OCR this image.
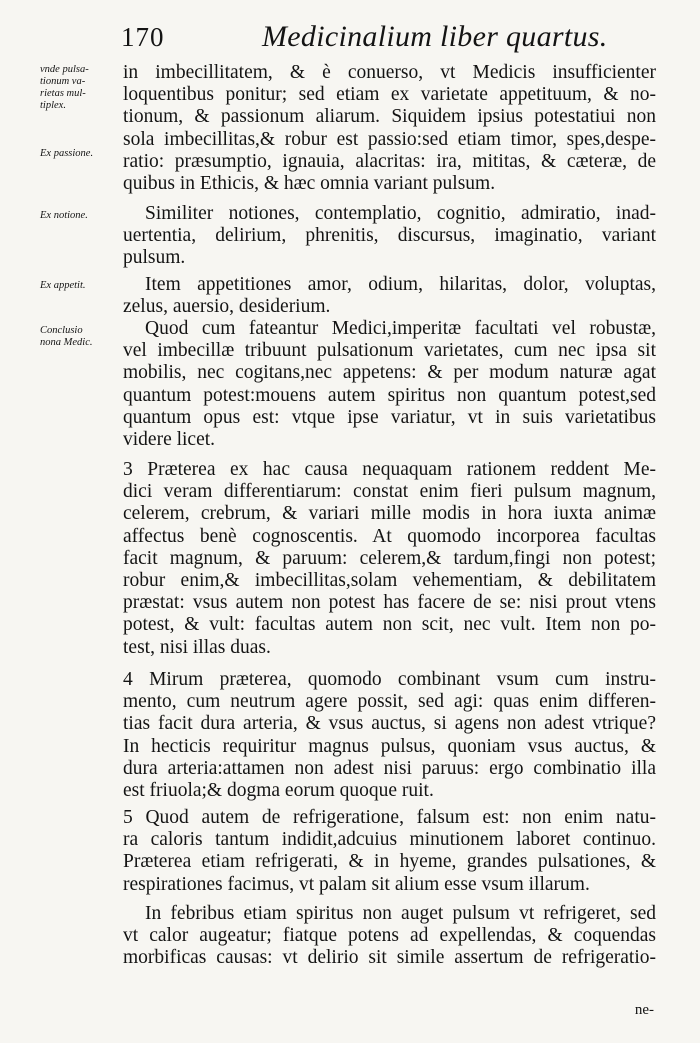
170	Medicinalium liber quartus.
vnde pulsa-
tionum va-
rietas mul-
tiplex.
Ex passione.
Ex notione.
Ex appetit.
Conclusio
nona Medic.
in imbecillitatem, & è conuerso, vt Medicis insufficienter
loquentibus ponitur; sed etiam ex varietate appetituum, & no-
tionum, & passionum aliarum. Siquidem ipsius potestatiui non
sola imbecillitas,& robur est passio:sed etiam timor, spes,despe-
ratio: præsumptio, ignauia, alacritas: ira, mititas, & cæteræ, de
quibus in Ethicis, & hæc omnia variant pulsum.
Similiter notiones, contemplatio, cognitio, admiratio, inad-
uertentia, delirium, phrenitis, discursus, imaginatio, variant
pulsum.
Item appetitiones amor, odium, hilaritas, dolor, voluptas,
zelus, auersio, desiderium.
Quod cum fateantur Medici,imperitæ facultati vel robustæ,
vel imbecillæ tribuunt pulsationum varietates, cum nec ipsa sit
mobilis, nec cogitans,nec appetens: & per modum naturæ agat
quantum potest:mouens autem spiritus non quantum potest,sed
quantum opus est: vtque ipse variatur, vt in suis varietatibus
videre licet.
3 Præterea ex hac causa nequaquam rationem reddent Me-
dici veram differentiarum: constat enim fieri pulsum magnum,
celerem, crebrum, & variari mille modis in hora iuxta animæ
affectus benè cognoscentis. At quomodo incorporea facultas
facit magnum, & paruum: celerem,& tardum,fingi non potest;
robur enim,& imbecillitas,solam vehementiam, & debilitatem
præstat: vsus autem non potest has facere de se: nisi prout vtens
potest, & vult: facultas autem non scit, nec vult. Item non po-
test, nisi illas duas.
4 Mirum præterea, quomodo combinant vsum cum instru-
mento, cum neutrum agere possit, sed agi: quas enim differen-
tias facit dura arteria, & vsus auctus, si agens non adest vtrique?
In hecticis requiritur magnus pulsus, quoniam vsus auctus, &
dura arteria:attamen non adest nisi paruus: ergo combinatio illa
est friuola;& dogma eorum quoque ruit.
5 Quod autem de refrigeratione, falsum est: non enim natu-
ra caloris tantum indidit,adcuius minutionem laboret continuo.
Præterea etiam refrigerati, & in hyeme, grandes pulsationes, &
respirationes facimus, vt palam sit alium esse vsum illarum.
In febribus etiam spiritus non auget pulsum vt refrigeret, sed
vt calor augeatur; fiatque potens ad expellendas, & coquendas
morbificas causas: vt delirio sit simile assertum de refrigeratio-
ne-
